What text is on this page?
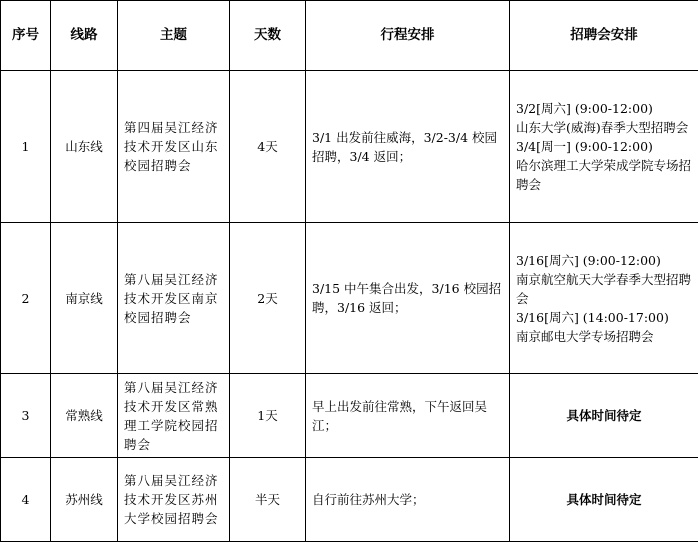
序号	线路	主题	天数	行程安排	招聘会安排
1	山东线	第四届吴江经济技术开发区山东校园招聘会	4天	3/1 出发前往威海，3/2-3/4 校园招聘，3/4 返回；	3/2[周六] (9:00-12:00)
山东大学(威海)春季大型招聘会
3/4[周一] (9:00-12:00)
哈尔滨理工大学荣成学院专场招聘会

2	南京线	第八届吴江经济技术开发区南京校园招聘会	2天	3/15 中午集合出发，3/16 校园招聘，3/16 返回；	3/16[周六] (9:00-12:00)
南京航空航天大学春季大型招聘会
3/16[周六] (14:00-17:00)
南京邮电大学专场招聘会

3	常熟线	第八届吴江经济技术开发区常熟理工学院校园招聘会	1天	早上出发前往常熟，下午返回吴江；	具体时间待定
4	苏州线	第八届吴江经济技术开发区苏州大学校园招聘会	半天	自行前往苏州大学；	具体时间待定
